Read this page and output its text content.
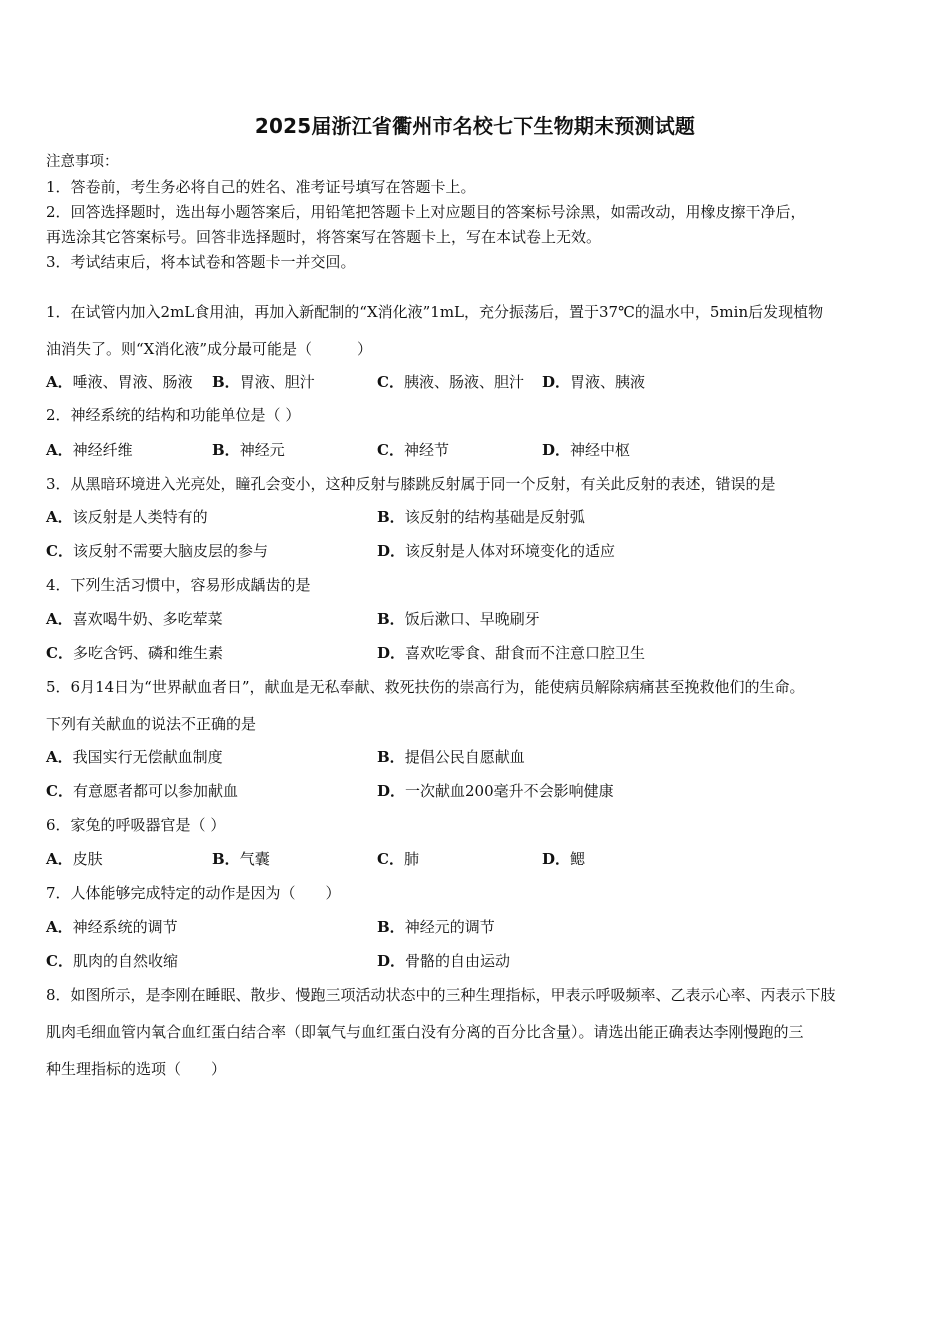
2025届浙江省衢州市名校七下生物期末预测试题
注意事项：
1．答卷前，考生务必将自己的姓名、准考证号填写在答题卡上。
2．回答选择题时，选出每小题答案后，用铅笔把答题卡上对应题目的答案标号涂黑，如需改动，用橡皮擦干净后，
再选涂其它答案标号。回答非选择题时，将答案写在答题卡上，写在本试卷上无效。
3．考试结束后，将本试卷和答题卡一并交回。
1．在试管内加入2mL食用油，再加入新配制的“X消化液”1mL，充分振荡后，置于37℃的温水中，5min后发现植物
油消失了。则“X消化液”成分最可能是（　　　）
A．唾液、胃液、肠液 B．胃液、胆汁	C．胰液、肠液、胆汁 D．胃液、胰液
2．神经系统的结构和功能单位是（ ）
A．神经纤维	B．神经元	C．神经节	D．神经中枢
3．从黑暗环境进入光亮处，瞳孔会变小，这种反射与膝跳反射属于同一个反射，有关此反射的表述，错误的是
A．该反射是人类特有的	B．该反射的结构基础是反射弧
C．该反射不需要大脑皮层的参与	D．该反射是人体对环境变化的适应
4．下列生活习惯中，容易形成龋齿的是
A．喜欢喝牛奶、多吃荤菜	B．饭后漱口、早晚刷牙
C．多吃含钙、磷和维生素	D．喜欢吃零食、甜食而不注意口腔卫生
5．6月14日为“世界献血者日”，献血是无私奉献、救死扶伤的崇高行为，能使病员解除病痛甚至挽救他们的生命。
下列有关献血的说法不正确的是
A．我国实行无偿献血制度	B．提倡公民自愿献血
C．有意愿者都可以参加献血	D．一次献血200毫升不会影响健康
6．家兔的呼吸器官是（ ）
A．皮肤	B．气囊	C．肺	D．鳃
7．人体能够完成特定的动作是因为（　　）
A．神经系统的调节	B．神经元的调节
C．肌肉的自然收缩	D．骨骼的自由运动
8．如图所示，是李刚在睡眠、散步、慢跑三项活动状态中的三种生理指标，甲表示呼吸频率、乙表示心率、丙表示下肢
肌肉毛细血管内氧合血红蛋白结合率（即氧气与血红蛋白没有分离的百分比含量）。请选出能正确表达李刚慢跑的三
种生理指标的选项（　　）
